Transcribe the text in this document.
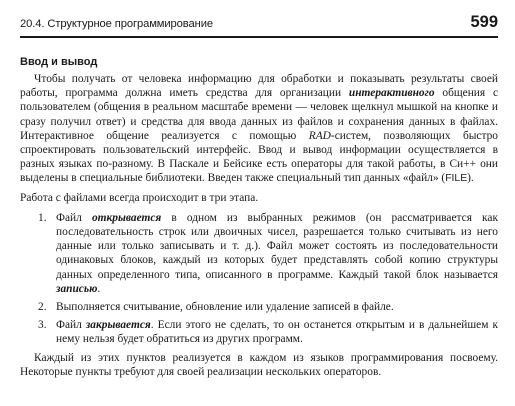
20.4. Структурное программирование	599
Ввод и вывод

Чтобы получать от человека информацию для обработки и показывать результаты своей работы, программа должна иметь средства для организации интерактивного общения с пользователем (общения в реальном масштабе времени — человек щелкнул мышкой на кнопке и сразу получил ответ) и средства для ввода данных из файлов и сохранения данных в файлах. Интерактивное общение реализуется с помощью RAD-систем, позволяющих быстро спроектировать пользовательский интерфейс. Ввод и вывод информации осуществляется в разных языках по-разному. В Паскале и Бейсике есть операторы для такой работы, в Си++ они выделены в специальные библиотеки. Введен также специальный тип данных «файл» (FILE).

Работа с файлами всегда происходит в три этапа.

1. Файл открывается в одном из выбранных режимов (он рассматривается как последовательность строк или двоичных чисел, разрешается только считывать из него данные или только записывать и т. д.). Файл может состоять из последовательности одинаковых блоков, каждый из которых будет представлять собой копию структуры данных определенного типа, описанного в программе. Каждый такой блок называется записью.
2. Выполняется считывание, обновление или удаление записей в файле.
3. Файл закрывается. Если этого не сделать, то он останется открытым и в дальнейшем к нему нельзя будет обратиться из других программ.

Каждый из этих пунктов реализуется в каждом из языков программирования посвоему. Некоторые пункты требуют для своей реализации нескольких операторов.
